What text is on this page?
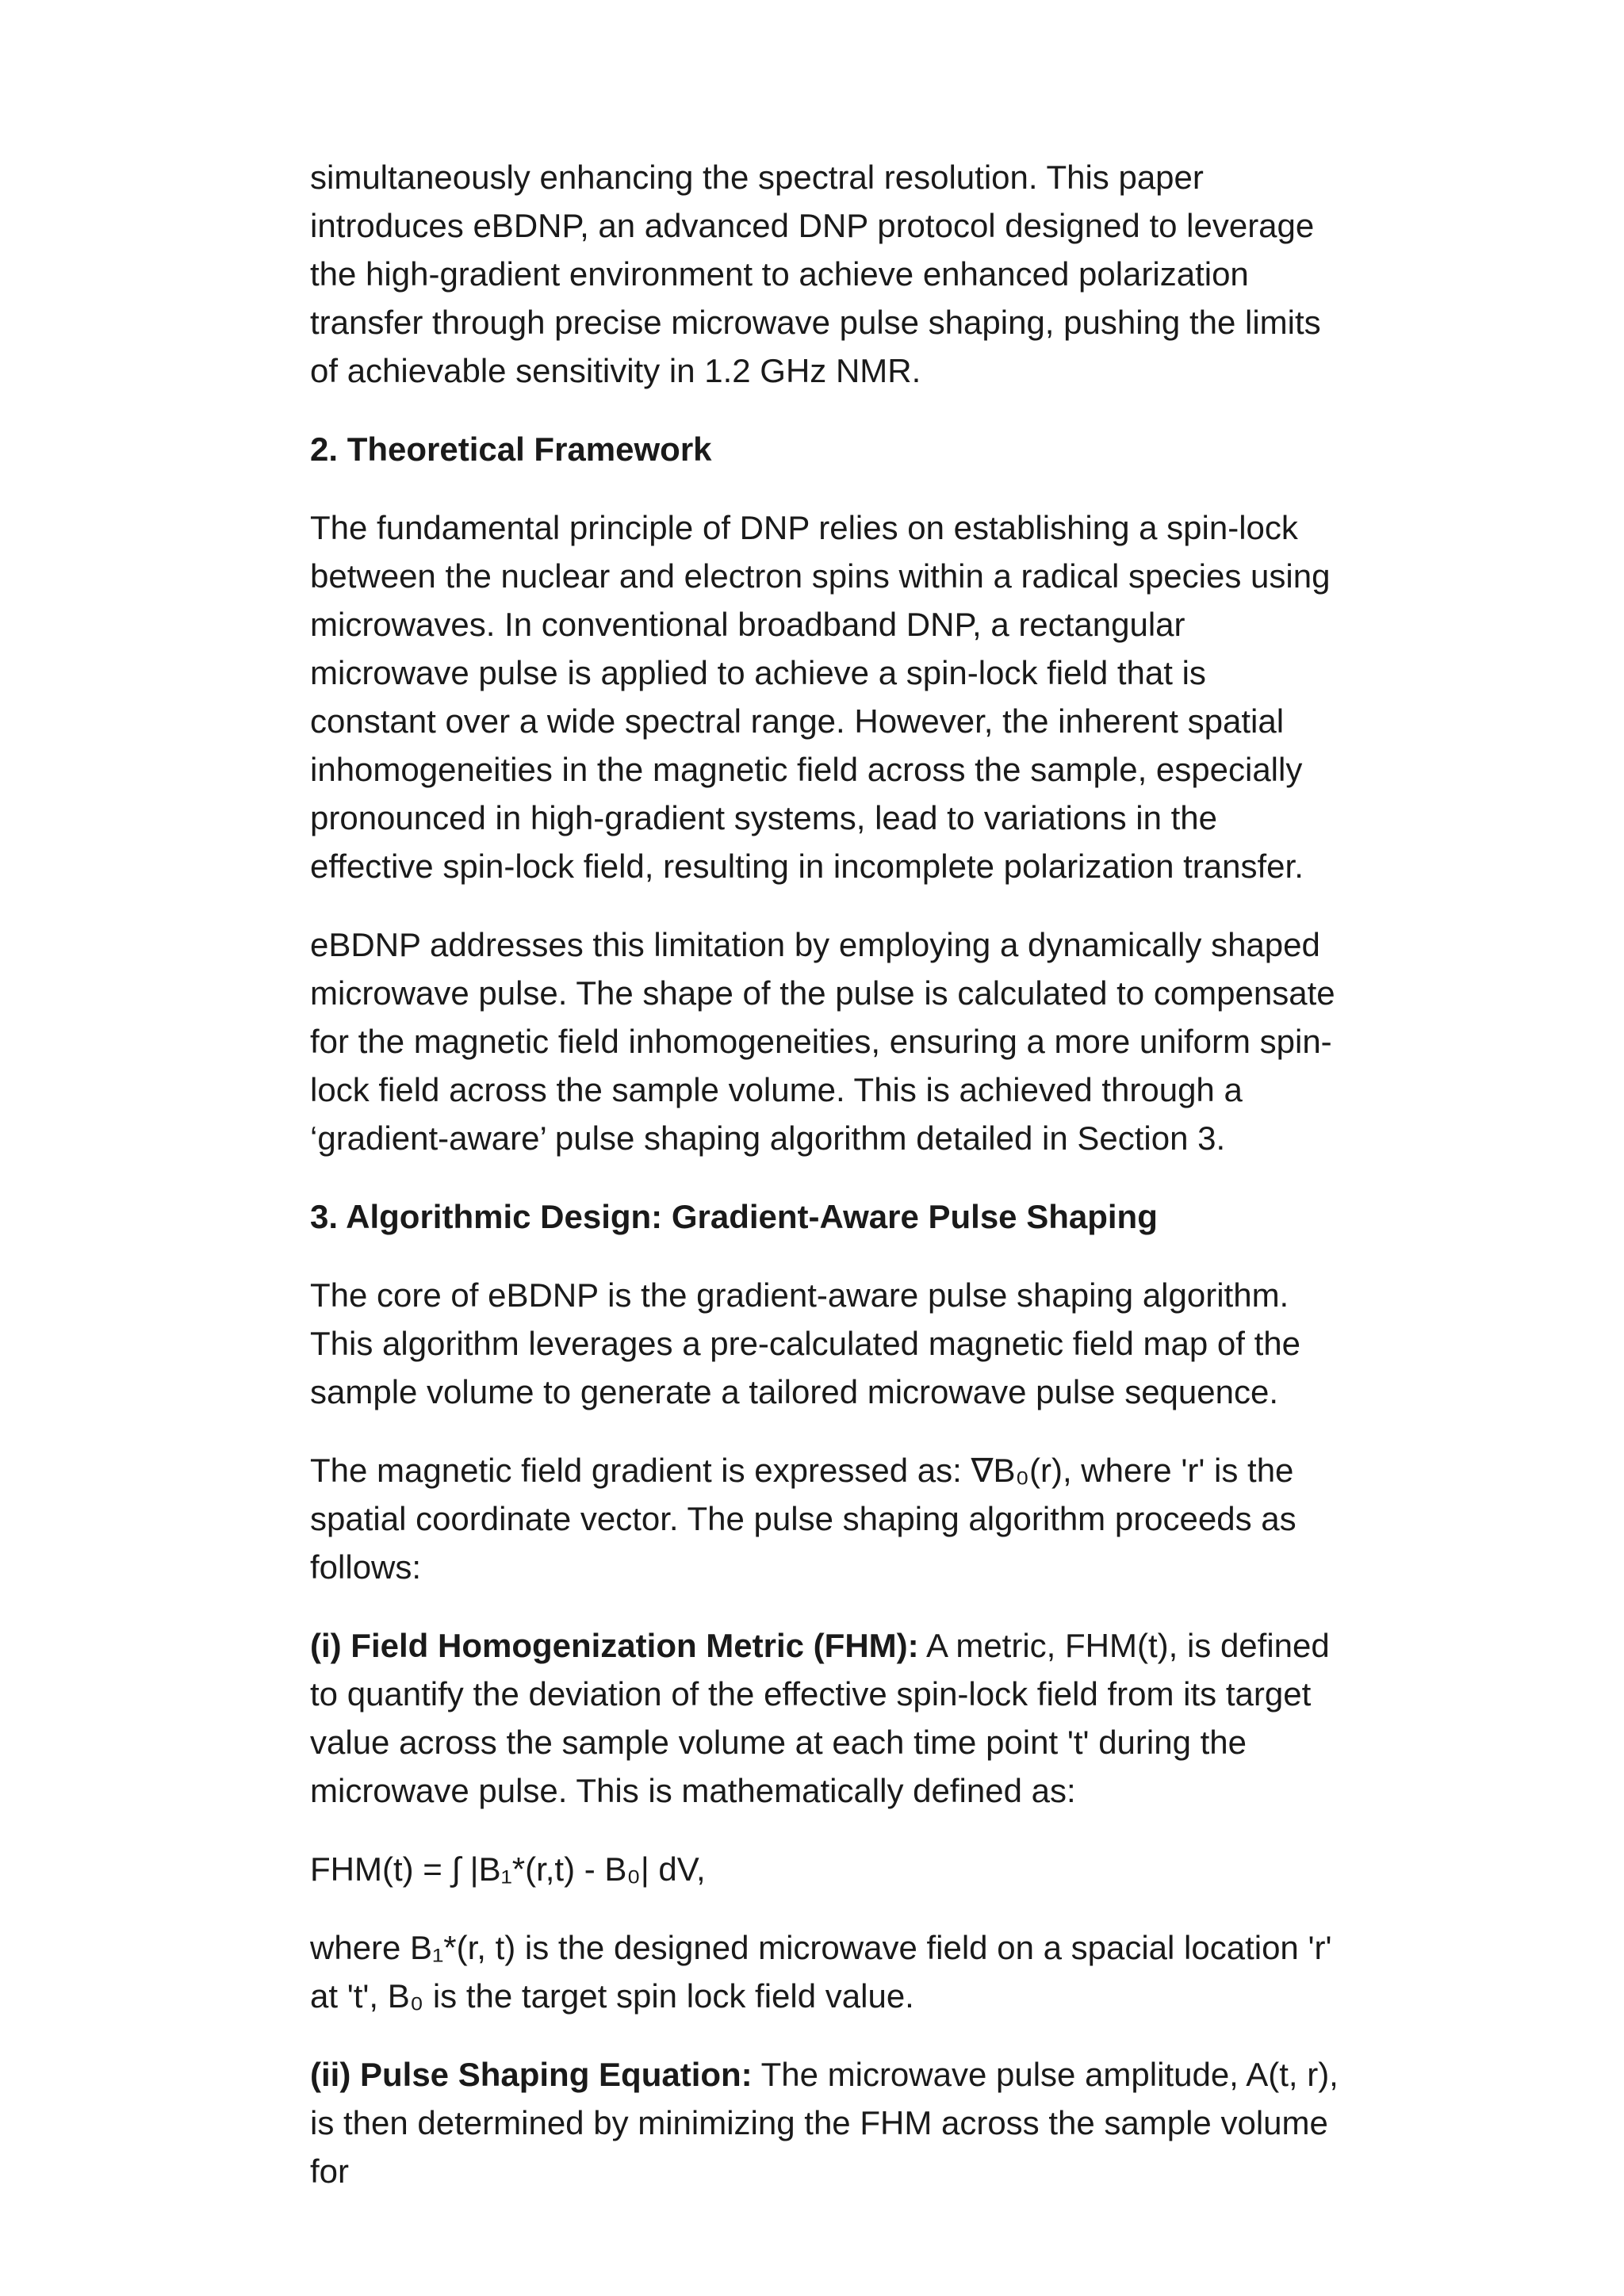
simultaneously enhancing the spectral resolution. This paper introduces eBDNP, an advanced DNP protocol designed to leverage the high-gradient environment to achieve enhanced polarization transfer through precise microwave pulse shaping, pushing the limits of achievable sensitivity in 1.2 GHz NMR.

2. Theoretical Framework

The fundamental principle of DNP relies on establishing a spin-lock between the nuclear and electron spins within a radical species using microwaves. In conventional broadband DNP, a rectangular microwave pulse is applied to achieve a spin-lock field that is constant over a wide spectral range. However, the inherent spatial inhomogeneities in the magnetic field across the sample, especially pronounced in high-gradient systems, lead to variations in the effective spin-lock field, resulting in incomplete polarization transfer.

eBDNP addresses this limitation by employing a dynamically shaped microwave pulse. The shape of the pulse is calculated to compensate for the magnetic field inhomogeneities, ensuring a more uniform spin-lock field across the sample volume. This is achieved through a ‘gradient-aware’ pulse shaping algorithm detailed in Section 3.

3. Algorithmic Design: Gradient-Aware Pulse Shaping

The core of eBDNP is the gradient-aware pulse shaping algorithm. This algorithm leverages a pre-calculated magnetic field map of the sample volume to generate a tailored microwave pulse sequence.

The magnetic field gradient is expressed as: ∇B₀(r), where 'r' is the spatial coordinate vector. The pulse shaping algorithm proceeds as follows:

(i) Field Homogenization Metric (FHM): A metric, FHM(t), is defined to quantify the deviation of the effective spin-lock field from its target value across the sample volume at each time point 't' during the microwave pulse. This is mathematically defined as:

FHM(t) = ∫ |B₁*(r,t) - B₀| dV,

where B₁*(r, t) is the designed microwave field on a spacial location 'r' at 't', B₀ is the target spin lock field value.

(ii) Pulse Shaping Equation: The microwave pulse amplitude, A(t, r), is then determined by minimizing the FHM across the sample volume for
